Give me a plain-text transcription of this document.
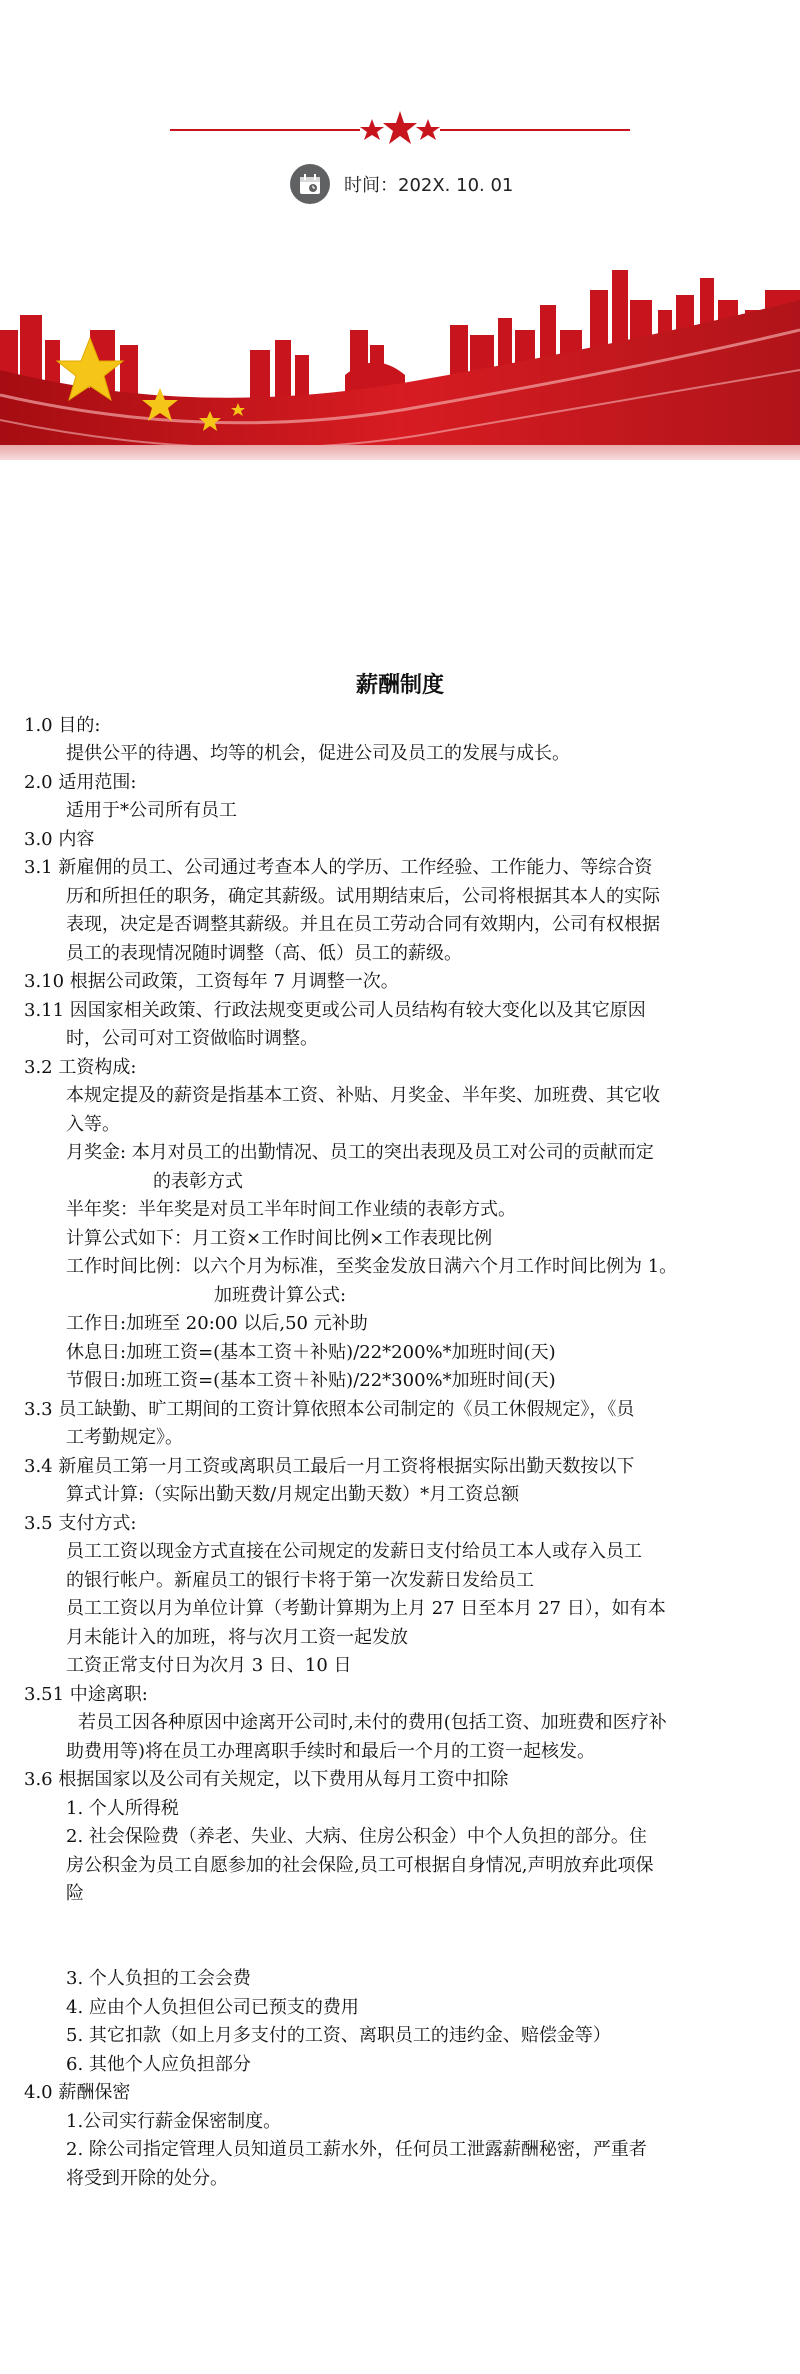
时间：202X. 10. 01
薪酬制度
1.0 目的:
提供公平的待遇、均等的机会，促进公司及员工的发展与成长。
2.0 适用范围:
适用于*公司所有员工
3.0 内容
3.1 新雇佣的员工、公司通过考查本人的学历、工作经验、工作能力、等综合资
历和所担任的职务，确定其薪级。试用期结束后，公司将根据其本人的实际
表现，决定是否调整其薪级。并且在员工劳动合同有效期内，公司有权根据
员工的表现情况随时调整（高、低）员工的薪级。
3.10 根据公司政策，工资每年 7 月调整一次。
3.11 因国家相关政策、行政法规变更或公司人员结构有较大变化以及其它原因
时，公司可对工资做临时调整。
3.2 工资构成:
本规定提及的薪资是指基本工资、补贴、月奖金、半年奖、加班费、其它收
入等。
月奖金: 本月对员工的出勤情况、员工的突出表现及员工对公司的贡献而定
的表彰方式
半年奖：半年奖是对员工半年时间工作业绩的表彰方式。
计算公式如下：月工资×工作时间比例×工作表现比例
工作时间比例：以六个月为标准，至奖金发放日满六个月工作时间比例为 1。
加班费计算公式:
工作日:加班至 20:00 以后,50 元补助
休息日:加班工资=(基本工资＋补贴)/22*200%*加班时间(天)
节假日:加班工资=(基本工资＋补贴)/22*300%*加班时间(天)
3.3 员工缺勤、旷工期间的工资计算依照本公司制定的《员工休假规定》，《员
工考勤规定》。
3.4 新雇员工第一月工资或离职员工最后一月工资将根据实际出勤天数按以下
算式计算:（实际出勤天数/月规定出勤天数）*月工资总额
3.5 支付方式:
员工工资以现金方式直接在公司规定的发薪日支付给员工本人或存入员工
的银行帐户。新雇员工的银行卡将于第一次发薪日发给员工
员工工资以月为单位计算（考勤计算期为上月 27 日至本月 27 日），如有本
月未能计入的加班，将与次月工资一起发放
工资正常支付日为次月 3 日、10 日
3.51 中途离职:
若员工因各种原因中途离开公司时,未付的费用(包括工资、加班费和医疗补
助费用等)将在员工办理离职手续时和最后一个月的工资一起核发。
3.6 根据国家以及公司有关规定，以下费用从每月工资中扣除
1. 个人所得税
2. 社会保险费（养老、失业、大病、住房公积金）中个人负担的部分。住
房公积金为员工自愿参加的社会保险,员工可根据自身情况,声明放弃此项保
险
3. 个人负担的工会会费
4. 应由个人负担但公司已预支的费用
5. 其它扣款（如上月多支付的工资、离职员工的违约金、赔偿金等）
6. 其他个人应负担部分
4.0 薪酬保密
1.公司实行薪金保密制度。
2. 除公司指定管理人员知道员工薪水外，任何员工泄露薪酬秘密，严重者
将受到开除的处分。
